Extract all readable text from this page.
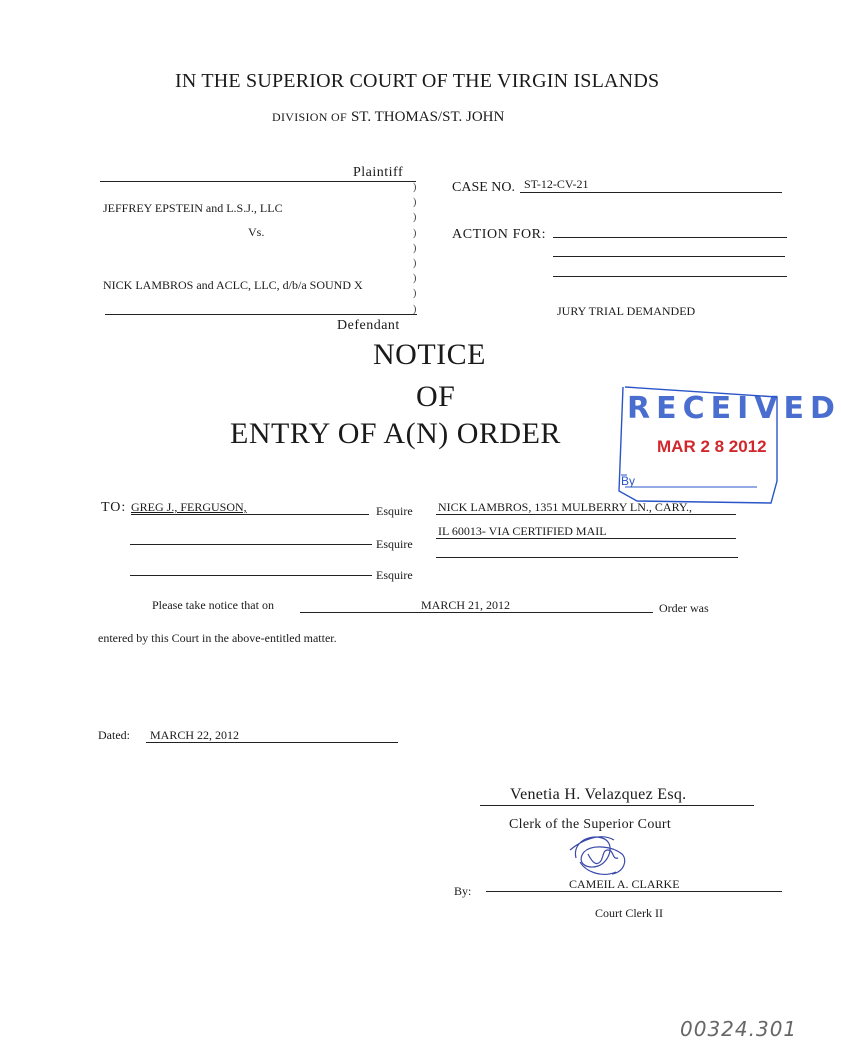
IN THE SUPERIOR COURT OF THE VIRGIN ISLANDS
DIVISION OF ST. THOMAS/ST. JOHN
Plaintiff
JEFFREY EPSTEIN and L.S.J., LLC
Vs.
NICK LAMBROS and ACLC, LLC, d/b/a SOUND X
Defendant
)
)
)
)
)
)
)
)
)
CASE NO. ST-12-CV-21
ACTION FOR:
JURY TRIAL DEMANDED
NOTICE
OF
ENTRY OF A(N) ORDER
RECEIVED
MAR 2 8 2012
By
TO: GREG J., FERGUSON,	Esquire
Esquire
Esquire
NICK LAMBROS, 1351 MULBERRY LN., CARY.,
IL 60013- VIA CERTIFIED MAIL
Please take notice that on	MARCH 21, 2012	Order was
entered by this Court in the above-entitled matter.
Dated: MARCH 22, 2012
Venetia H. Velazquez Esq.
Clerk of the Superior Court
By:	CAMEIL A. CLARKE
Court Clerk II
00324.301
